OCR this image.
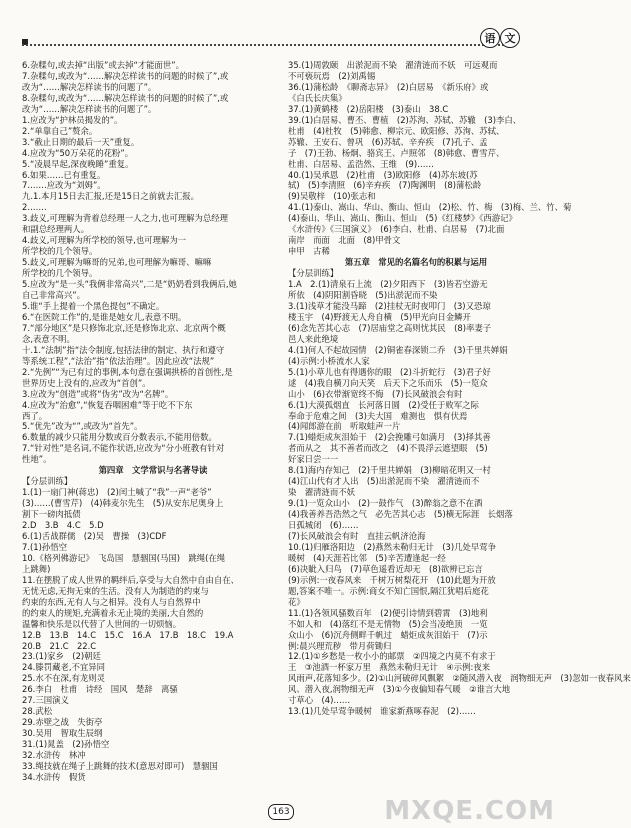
语 文
6.杂糅句,或去掉“出版”或去掉“才能面世”。
7.杂糅句,或改为“……解决怎样读书的问题的时候了”,或
改为“……解决怎样读书的问题了”。
8.杂糅句,或改为“……解决怎样读书的问题的时候了”,或
改为“……解决怎样读书的问题了”。
1.应改为“护林员揭发的”。
2.“单靠自己”赘余。
3.“截止日期的最后一天”重复。
4.应改为“50万朵花的花粉”。
5.“凌晨早起,深夜晚睡”重复。
6.如果……已有重复。
7.……应改为“刘姆”。
九.1.本月15日去汇报,还是15日之前就去汇报。
2.……
3.歧义,可理解为背着总经理一人之力,也可理解为总经理
和副总经理两人。
4.歧义,可理解为所学校的领导,也可理解为一
所学校的几个领导。
5.歧义,可理解为嘛哥的兄弟,也可理解为嘛哥、嘛嘛
所学校的几个领导。
5.应改为“是一头“我俩非常高兴”,二是“奶奶看到我俩后,她
自己非常高兴”。
5.谁“手上提着一个黑色提包”不确定。
6.“在医院工作”的,是谁是她女儿,表意不明。
7.“部分地区”是只修饰北京,还是修饰北京、北京两个概
念,表意不明。
十.1.“法制”指“法令制度,包括法律的制定、执行和遵守
等系统工程”,“法治”指“依法治理”。因此应改“法规”
2.“先例”“为已有过的事例,本句意在强调拱桥的首创性,是
世界历史上没有的,应改为“首创”。
3.应改为“创造”或将“伪劣”改为“名牌”。
4.应改为“治愈”,“恢复吞咽困难”等于吃不下东
西了。
5.“优先”改为“”,或改为“首先”。
6.数量的减少只能用分数或百分数表示,不能用倍数。
7.“针对性”是名词,不能作状语,应改为“分小班教有针对
性地”。
第四章　文学常识与名著导读
【分层训练】
1.(1)一扇门神(蒋忠)　(2)闰土喊了“我”一声“老爷”
(3)……(曹雪芹)　(4)韩麦尔先生　(5)从安东尼奥身上
割下一磅肉抵债
2.D　3.B　4.C　5.D
6.(1)舌战群儒　(2)吴　曹操　(3)CDF
7.(1)孙悟空
10.《格列佛游记》　飞岛国　慧骃国(马国)　跳绳(在绳
上跳舞)
11.在摆脱了成人世界的羁绊后,享受与大自然中自由自在、
无忧无虑,无拘无束的生活。没有人为制造的约束与
约束的东西,无有人与之相异。没有人与自然界中
的约束人的规矩,充满着永无止境的美丽,大自然的
温馨和快乐是以代替了人世间的一切烦恼。
12.B　13.B　14.C　15.C　16.A　17.B　18.C　19.A
20.B　21.C　22.C
23.(1)家乡　(2)朝廷
24.滕罚藏老,不宜异同
25.水不在深,有龙则灵
26.李白　杜甫　诗经　国风　楚辞　离骚
27.三国演义
28.武松
29.赤壁之战　失街亭
30.吴用　智取生辰纲
31.(1)晁盖　(2)孙悟空
32.水浒传　林冲
33.绳技就在绳子上跳舞的技术(意思对即可)　慧骃国
34.水浒传　假货
35.(1)周敦颐　出淤泥而不染　濯清涟而不妖　可远观而
不可亵玩焉　(2)刘禹锡
36.(1)蒲松龄　《聊斋志异》　(2)白居易　《新乐府》或
《白氏长庆集》
37.(1)黄鹤楼　(2)岳阳楼　(3)泰山　38.C
39.(1)白居易、曹丕、曹植　(2)苏洵、苏轼、苏辙　(3)李白、
杜甫　(4)杜牧　(5)韩愈、柳宗元、欧阳修、苏洵、苏轼、
苏辙、王安石、曾巩　(6)苏轼、辛弃疾　(7)孔子、孟
子　(7)王勃、杨炯、骆宾王、卢照邻　(8)韩愈、曹雪芹、
杜甫、白居易、孟浩然、王维　(9)……
40.(1)吴承恩　(2)杜甫　(3)欧阳修　(4)苏东坡(苏
轼)　(5)李清照　(6)辛弃疾　(7)陶渊明　(8)蒲松龄
(9)吴敬梓　(10)张志和
41.(1)泰山、嵩山、华山、衡山、恒山　(2)松、竹、梅　(3)梅、兰、竹、菊
(4)泰山、华山、嵩山、衡山、恒山　(5)《红楼梦》《西游记》
《水浒传》《三国演义》　(6)李白、杜甫、白居易　(7)北面
南岸　而面　北面　(8)甲骨文
申甲　古稀
第五章　常见的名篇名句的积累与运用
【分层训练】
1.A　2.(1)清泉石上流　(2)夕阳西下　(3)皆若空游无
所依　(4)阴阳割昏晓　(5)出淤泥而不染
3.(1)浅草才能没马蹄　(2)挂杖无时夜叩门　(3)又恐琼
楼玉宇　(4)野渡无人舟自横　(5)甲光向日金鳞开
(6)念先苦其心志　(7)居庙堂之高则忧其民　(8)率妻子
邑人来此绝境
4.(1)何人不起故园情　(2)铜雀春深锁二乔　(3)千里共婵娟
(4)示例:小桥流水人家
5.(1)小草儿也有得遇你的眼　(2)斗折蛇行　(3)君子好
逑　(4)我自横刀向天笑　后天下之乐而乐　(5)一览众
山小　(6)衣带渐宽终不悔　(7)长风破浪会有时
6.(1)大漠孤烟直　长河落日圆　(2)受任于败军之际　
奉命于危难之间　(3)夫大国　难测也　惧有伏焉
(4)闻郎游在前　听取蛙声一片
7.(1)蜡炬成灰泪始干　(2)会挽雕弓如满月　(3)择其善
者而从之　其不善者而改之　(4)不畏浮云遮望眼　(5)
好家日尝一一
8.(1)海内存知己　(2)千里共婵娟　(3)柳暗花明又一村
(4)江山代有才人出　(5)出淤泥而不染　濯清涟而不
染　濯清涟而不妖
9.(1)一览众山小　(2)一鼓作气　(3)醉翁之意不在酒
(4)我善养吾浩然之气　必先苦其心志　(5)横无际涯　长烟落
日孤城闭　(6)……
(7)长风破浪会有时　直挂云帆济沧海
10.(1)归雁洛阳边　(2)燕然未勒归无计　(3)几处早莺争
暖树　(4)天涯若比邻　(5)辛苦遭逢起一经
(6)决眦入归鸟　(7)草色遥看近却无　(8)欲辨已忘言
(9)示例:一夜春风来　千树万树梨花开　(10)此题为开放
题,答案不唯一。示例:商女不知亡国恨,隔江犹唱后庭花
花》
11.(1)各领风骚数百年　(2)便引诗情到碧霄　(3)地利
不如人和　(4)落红不是无情物　(5)会当凌绝顶　一览
众山小　(6)沉舟侧畔千帆过　蜡炬成灰泪始干　(7)示
例:晨兴理荒秽　带月荷锄归
12.(1)①乡愁是一枚小小的邮票　②四境之内莫不有求于
王　③池酒一杯家万里　燕然未勒归无计　④示例:夜来
风雨声,花落知多少。(2)①山河破碎风飘絮　②随风潜入夜　润物细无声　(3)忽如一夜春风来
风、潜入夜,润物细无声　(3)①今夜偏知春气暖　②谁言大地
寸草心　(4)……
13.(1)几处早莺争暖树　谁家新燕啄春泥　(2)……
163	MXQE.COM
